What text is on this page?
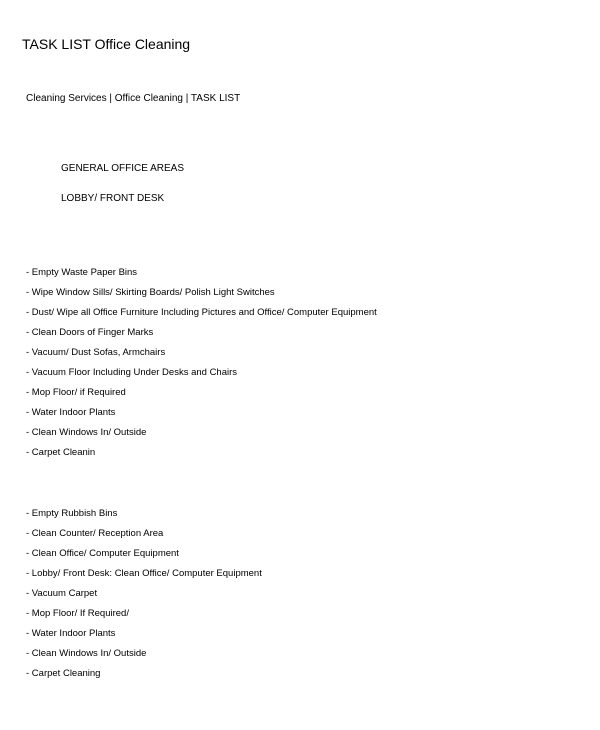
TASK LIST Office Cleaning
Cleaning Services | Office Cleaning | TASK LIST
GENERAL OFFICE AREAS
LOBBY/ FRONT DESK
- Empty Waste Paper Bins
- Wipe Window Sills/ Skirting Boards/ Polish Light Switches
- Dust/ Wipe all Office Furniture Including Pictures and Office/ Computer Equipment
- Clean Doors of Finger Marks
- Vacuum/ Dust Sofas, Armchairs
- Vacuum Floor Including Under Desks and Chairs
- Mop Floor/ if Required
- Water Indoor Plants
- Clean Windows In/ Outside
- Carpet Cleanin
- Empty Rubbish Bins
- Clean Counter/ Reception Area
- Clean Office/ Computer Equipment
- Lobby/ Front Desk: Clean Office/ Computer Equipment
- Vacuum Carpet
- Mop Floor/ If Required/
- Water Indoor Plants
- Clean Windows In/ Outside
- Carpet Cleaning
